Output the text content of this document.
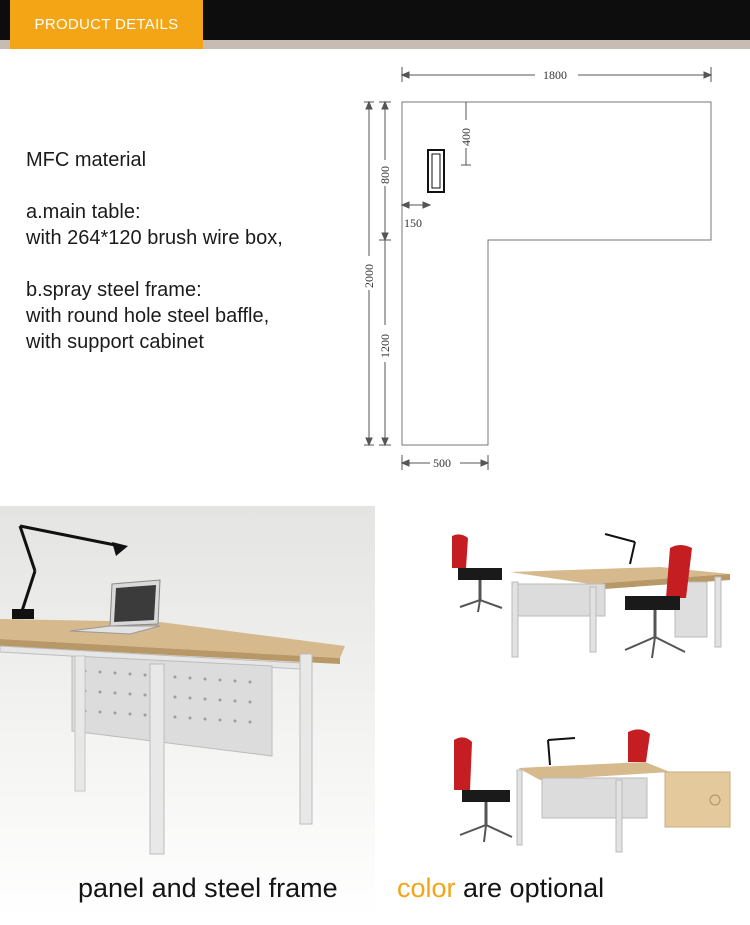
PRODUCT DETAILS
MFC material
a.main table:
with 264*120 brush wire box,
b.spray steel frame:
with round hole steel baffle,
with support cabinet
1800
800
400
150
2000
1200
500
panel and steel frame color are optional
